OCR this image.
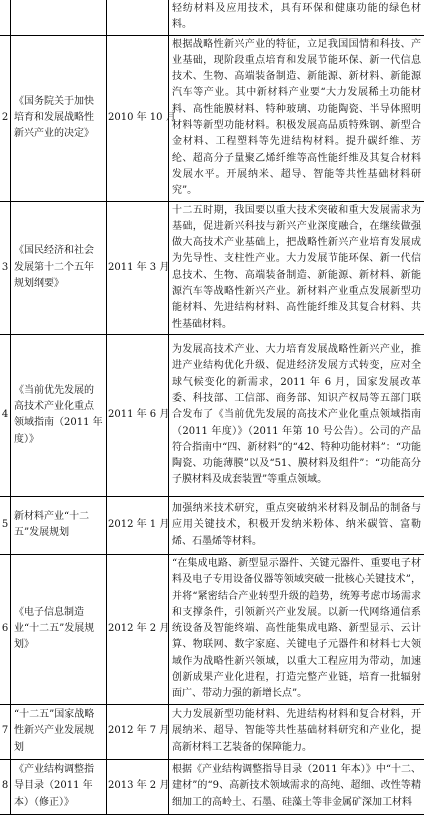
			轻纺材料及应用技术，具有环保和健康功能的绿色材料。
2	《国务院关于加快培育和发展战略性新兴产业的决定》	2010 年 10 月	根据战略性新兴产业的特征，立足我国国情和科技、产业基础，现阶段重点培育和发展节能环保、新一代信息技术、生物、高端装备制造、新能源、新材料、新能源汽车等产业。其中新材料产业要“大力发展稀土功能材料、高性能膜材料、特种玻璃、功能陶瓷、半导体照明材料等新型功能材料。积极发展高品质特殊钢、新型合金材料、工程塑料等先进结构材料。提升碳纤维、芳纶、超高分子量聚乙烯纤维等高性能纤维及其复合材料发展水平。开展纳米、超导、智能等共性基础材料研究”。
3	《国民经济和社会发展第十二个五年规划纲要》	2011 年 3 月	十二五时期，我国要以重大技术突破和重大发展需求为基础，促进新兴科技与新兴产业深度融合，在继续做强做大高技术产业基础上，把战略性新兴产业培育发展成为先导性、支柱性产业。大力发展节能环保、新一代信息技术、生物、高端装备制造、新能源、新材料、新能源汽车等战略性新兴产业。新材料产业重点发展新型功能材料、先进结构材料、高性能纤维及其复合材料、共性基础材料。
4	《当前优先发展的高技术产业化重点领域指南（2011 年度）》	2011 年 6 月	为发展高技术产业、大力培育发展战略性新兴产业，推进产业结构优化升级、促进经济发展方式转变，应对全球气候变化的新需求，2011 年 6 月，国家发展改革委、科技部、工信部、商务部、知识产权局等五部门联合发布了《当前优先发展的高技术产业化重点领域指南（2011 年度）》（2011 年第 10 号公告）。公司的产品符合指南中“四、新材料”的“42、特种功能材料”：“功能陶瓷、功能薄膜”以及“51、膜材料及组件”：“功能高分子膜材料及成套装置”等重点领域。
5	新材料产业“十二五”发展规划	2012 年 1 月	加强纳米技术研究，重点突破纳米材料及制品的制备与应用关键技术，积极开发纳米粉体、纳米碳管、富勒烯、石墨烯等材料。
6	《电子信息制造业“十二五”发展规划》	2012 年 2 月	“在集成电路、新型显示器件、关键元器件、重要电子材料及电子专用设备仪器等领域突破一批核心关键技术”，并将“紧密结合产业转型升级的趋势，统筹考虑市场需求和支撑条件，引领新兴产业发展。以新一代网络通信系统设备及智能终端、高性能集成电路、新型显示、云计算、物联网、数字家庭、关键电子元器件和材料七大领域作为战略性新兴领域，以重大工程应用为带动，加速创新成果产业化进程，打造完整产业链，培育一批辐射面广、带动力强的新增长点”。
7	“十二五”国家战略性新兴产业发展规划	2012 年 7 月	大力发展新型功能材料、先进结构材料和复合材料，开展纳米、超导、智能等共性基础材料研究和产业化，提高新材料工艺装备的保障能力。
8	《产业结构调整指导目录（2011 年本）（修正）》	2013 年 2 月	根据《产业结构调整指导目录（2011 年本）》中“十二、建材”的“9、高新技术领域需求的高纯、超细、改性等精细加工的高岭土、石墨、硅藻土等非金属矿深加工材料
